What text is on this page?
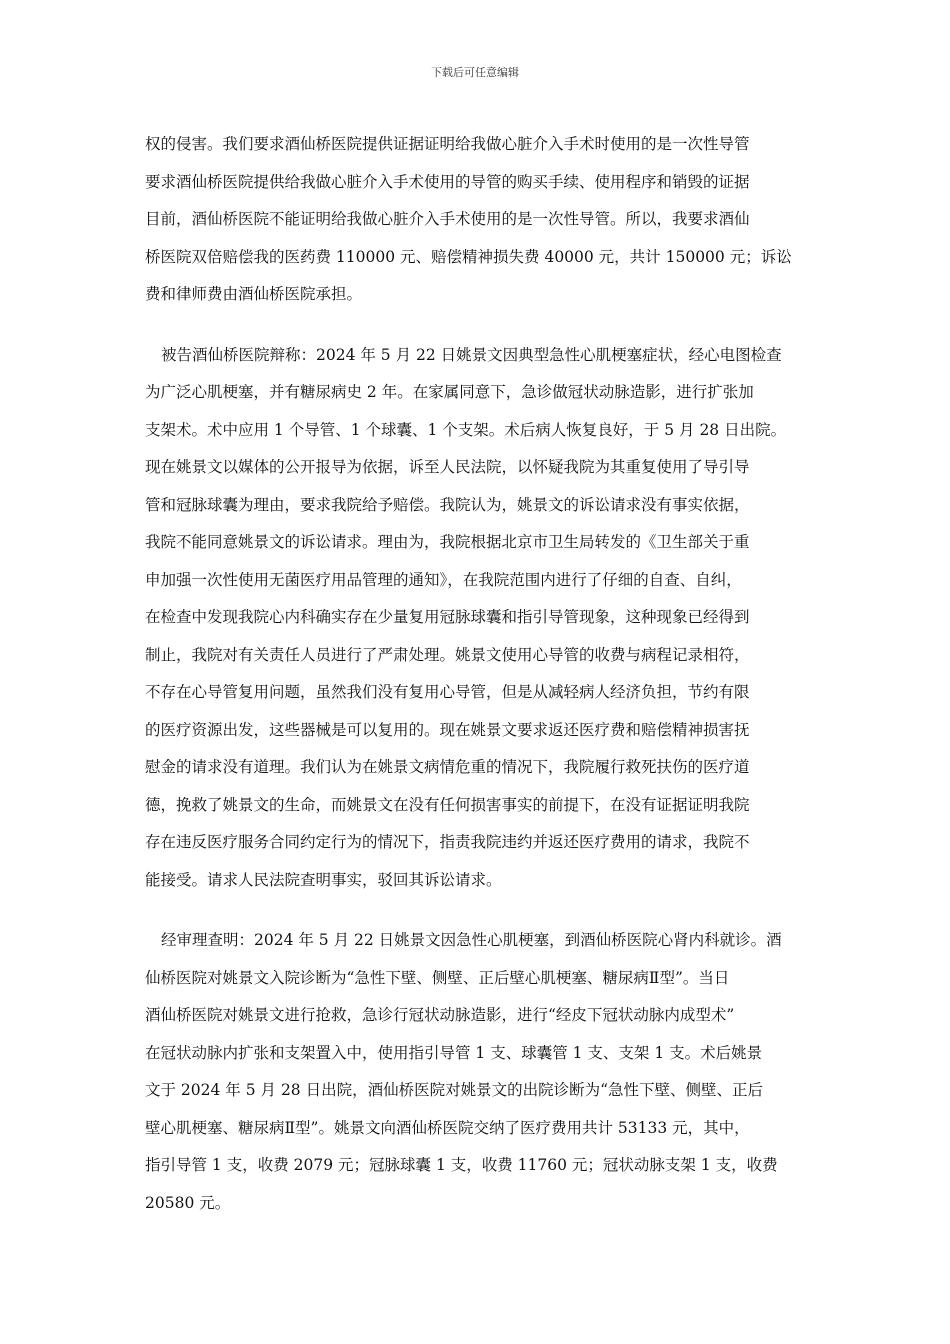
下载后可任意编辑
权的侵害。我们要求酒仙桥医院提供证据证明给我做心脏介入手术时使用的是一次性导管
要求酒仙桥医院提供给我做心脏介入手术使用的导管的购买手续、使用程序和销毁的证据
目前，酒仙桥医院不能证明给我做心脏介入手术使用的是一次性导管。所以，我要求酒仙
桥医院双倍赔偿我的医药费 110000 元、赔偿精神损失费 40000 元，共计 150000 元；诉讼
费和律师费由酒仙桥医院承担。
被告酒仙桥医院辩称：2024 年 5 月 22 日姚景文因典型急性心肌梗塞症状，经心电图检查
为广泛心肌梗塞，并有糖尿病史 2 年。在家属同意下，急诊做冠状动脉造影，进行扩张加
支架术。术中应用 1 个导管、1 个球囊、1 个支架。术后病人恢复良好，于 5 月 28 日出院。
现在姚景文以媒体的公开报导为依据，诉至人民法院，以怀疑我院为其重复使用了导引导
管和冠脉球囊为理由，要求我院给予赔偿。我院认为，姚景文的诉讼请求没有事实依据，
我院不能同意姚景文的诉讼请求。理由为，我院根据北京市卫生局转发的《卫生部关于重
申加强一次性使用无菌医疗用品管理的通知》，在我院范围内进行了仔细的自查、自纠，
在检查中发现我院心内科确实存在少量复用冠脉球囊和指引导管现象，这种现象已经得到
制止，我院对有关责任人员进行了严肃处理。姚景文使用心导管的收费与病程记录相符，
不存在心导管复用问题，虽然我们没有复用心导管，但是从减轻病人经济负担，节约有限
的医疗资源出发，这些器械是可以复用的。现在姚景文要求返还医疗费和赔偿精神损害抚
慰金的请求没有道理。我们认为在姚景文病情危重的情况下，我院履行救死扶伤的医疗道
德，挽救了姚景文的生命，而姚景文在没有任何损害事实的前提下，在没有证据证明我院
存在违反医疗服务合同约定行为的情况下，指责我院违约并返还医疗费用的请求，我院不
能接受。请求人民法院查明事实，驳回其诉讼请求。
经审理查明：2024 年 5 月 22 日姚景文因急性心肌梗塞，到酒仙桥医院心肾内科就诊。酒
仙桥医院对姚景文入院诊断为“急性下壁、侧壁、正后壁心肌梗塞、糖尿病Ⅱ型”。当日
酒仙桥医院对姚景文进行抢救，急诊行冠状动脉造影，进行“经皮下冠状动脉内成型术”
在冠状动脉内扩张和支架置入中，使用指引导管 1 支、球囊管 1 支、支架 1 支。术后姚景
文于 2024 年 5 月 28 日出院，酒仙桥医院对姚景文的出院诊断为“急性下壁、侧壁、正后
壁心肌梗塞、糖尿病Ⅱ型”。姚景文向酒仙桥医院交纳了医疗费用共计 53133 元，其中，
指引导管 1 支，收费 2079 元；冠脉球囊 1 支，收费 11760 元；冠状动脉支架 1 支，收费
20580 元。
